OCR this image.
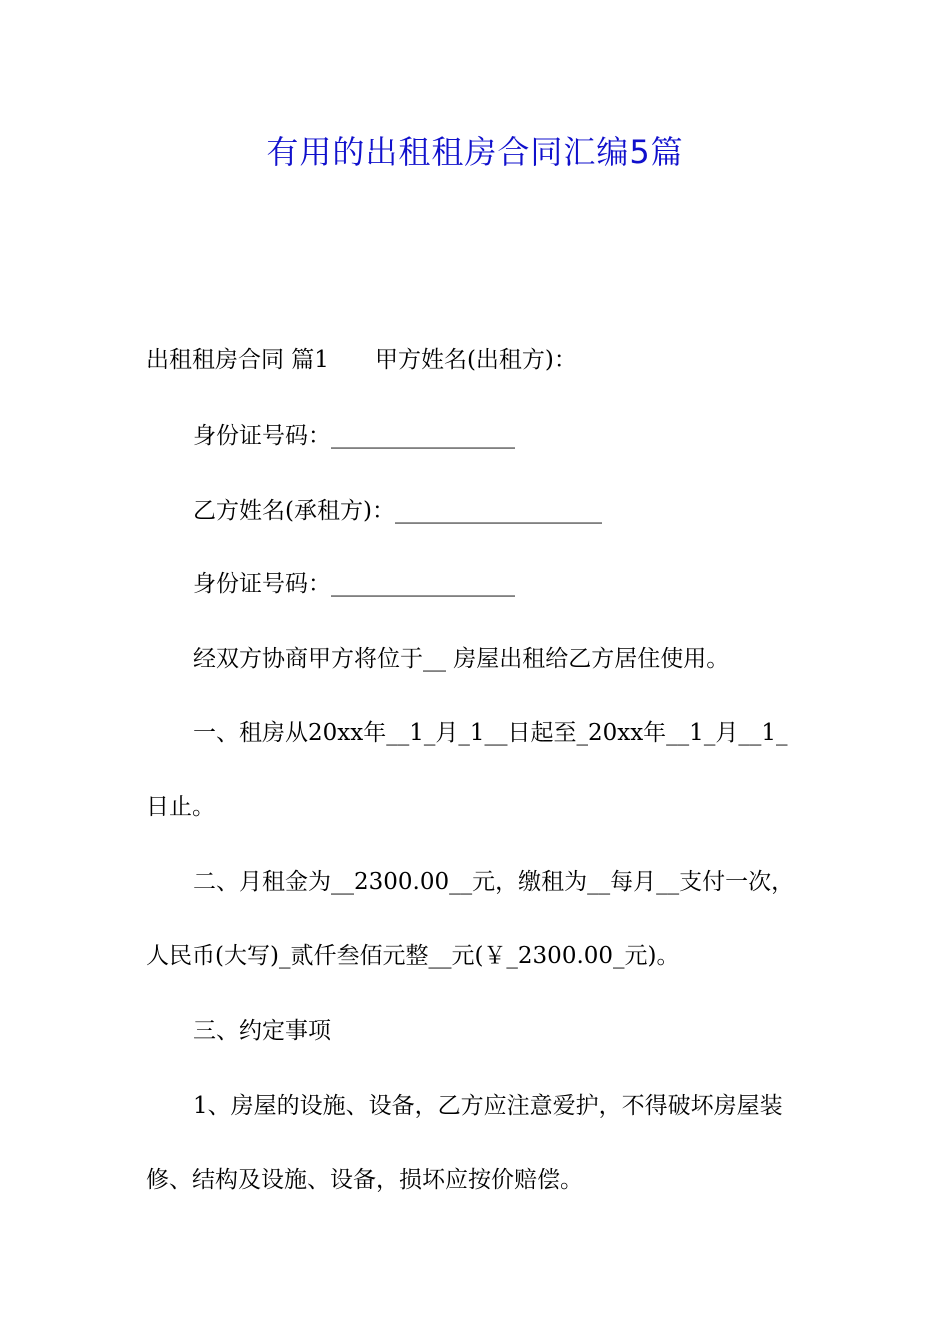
有用的出租租房合同汇编5篇
出租租房合同 篇1 甲方姓名(出租方)：
身份证号码：________________
乙方姓名(承租方)：__________________
身份证号码：________________
经双方协商甲方将位于__ 房屋出租给乙方居住使用。
一、租房从20xx年__1_月_1__日起至_20xx年__1_月__1_
日止。
二、月租金为__2300.00__元，缴租为__每月__支付一次，
人民币(大写)_贰仟叁佰元整__元(￥_2300.00_元)。
三、约定事项
1、房屋的设施、设备，乙方应注意爱护，不得破坏房屋装
修、结构及设施、设备，损坏应按价赔偿。
